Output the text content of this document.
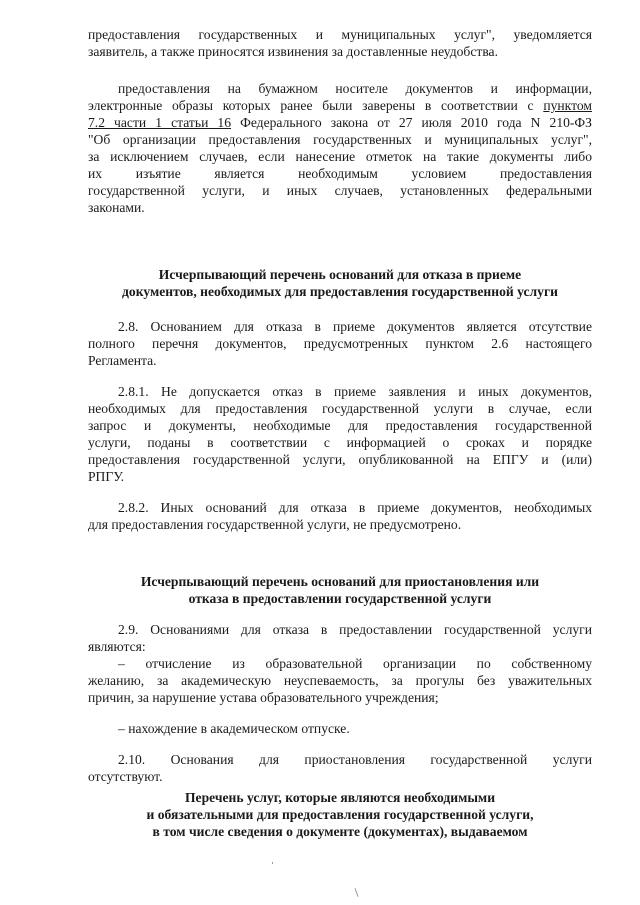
предоставления государственных и муниципальных услуг", уведомляется
заявитель, а также приносятся извинения за доставленные неудобства.
предоставления на бумажном носителе документов и информации,
электронные образы которых ранее были заверены в соответствии с пунктом
7.2 части 1 статьи 16 Федерального закона от 27 июля 2010 года N 210-ФЗ
"Об организации предоставления государственных и муниципальных услуг",
за исключением случаев, если нанесение отметок на такие документы либо
их изъятие является необходимым условием предоставления
государственной услуги, и иных случаев, установленных федеральными
законами.
Исчерпывающий перечень оснований для отказа в приеме
документов, необходимых для предоставления государственной услуги
2.8. Основанием для отказа в приеме документов является отсутствие
полного перечня документов, предусмотренных пунктом 2.6 настоящего
Регламента.
2.8.1. Не допускается отказ в приеме заявления и иных документов,
необходимых для предоставления государственной услуги в случае, если
запрос и документы, необходимые для предоставления государственной
услуги, поданы в соответствии с информацией о сроках и порядке
предоставления государственной услуги, опубликованной на ЕПГУ и (или)
РПГУ.
2.8.2. Иных оснований для отказа в приеме документов, необходимых
для предоставления государственной услуги, не предусмотрено.
Исчерпывающий перечень оснований для приостановления или
отказа в предоставлении государственной услуги
2.9. Основаниями для отказа в предоставлении государственной услуги
являются:
– отчисление из образовательной организации по собственному
желанию, за академическую неуспеваемость, за прогулы без уважительных
причин, за нарушение устава образовательного учреждения;
– нахождение в академическом отпуске.
2.10. Основания для приостановления государственной услуги
отсутствуют.
Перечень услуг, которые являются необходимыми
и обязательными для предоставления государственной услуги,
в том числе сведения о документе (документах), выдаваемом
